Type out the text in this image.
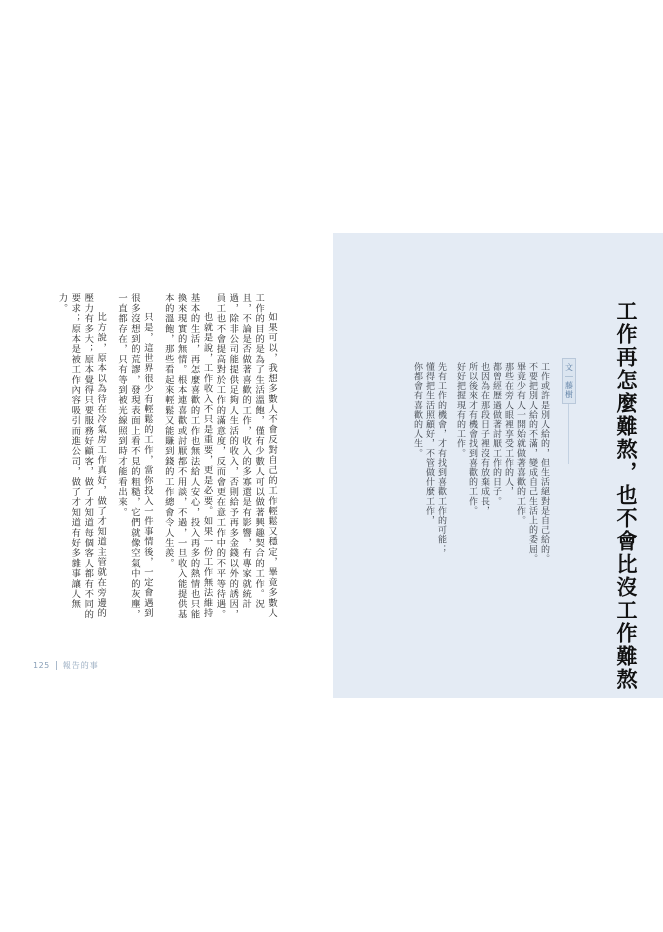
如果可以，我想多數人不會反對自己的工作輕鬆又穩定，畢竟多數人工作的目的是為了生活溫飽，僅有少數人可以做著興趣契合的工作。況且，不論是否做著喜歡的工作，收入的多寡還是有影響，有專家就統計過，除非公司能提供足夠人生活的收入，否則給予再多金錢以外的誘因，員工也不會提高對於工作的滿意度，反而會更在意工作中的不平等待遇。

也就是說，工作收入不只是重要，更是必要。如果一份工作無法維持基本的生活，再怎麼喜歡的工作也無法給人安心，投入再多的熱情也只能換來現實的無情。根本連喜歡或討厭都不用談，不過，一旦收入能提供基本的溫飽，那些看起來輕鬆又能賺到錢的工作總會令人生羨。

只是，這世界很少有輕鬆的工作，當你投入一件事情後，一定會遇到很多沒想到的荒謬，發現表面上看不見的粗糙，它們就像空氣中的灰塵，一直都存在，只有等到被光線照到時才能看出來。

比方說，原本以為待在冷氣房工作真好，做了才知道主管就在旁邊的壓力有多大；原本覺得只要服務好顧客，做了才知道每個客人都有不同的要求；原本是被工作內容吸引而進公司，做了才知道有好多雜事讓人無力。

125 報告的事	工作再怎麼難熬，也不會比沒工作難熬
文｜藤樹

工作或許是別人給的，但生活絕對是自己給的。

不要把別人給的不滿，變成自己生活上的委屈。

畢竟少有人一開始就做著喜歡的工作。

那些在旁人眼裡享受工作的人，

都曾經歷過做著討厭工作的日子。

也因為在那段日子裡沒有放棄成長，

所以後來才有機會找到喜歡的工作。

好好把握現有的工作。

先有工作的機會，才有找到喜歡工作的可能；

懂得把生活照顧好，不管做什麼工作，

你都會有喜歡的人生。
